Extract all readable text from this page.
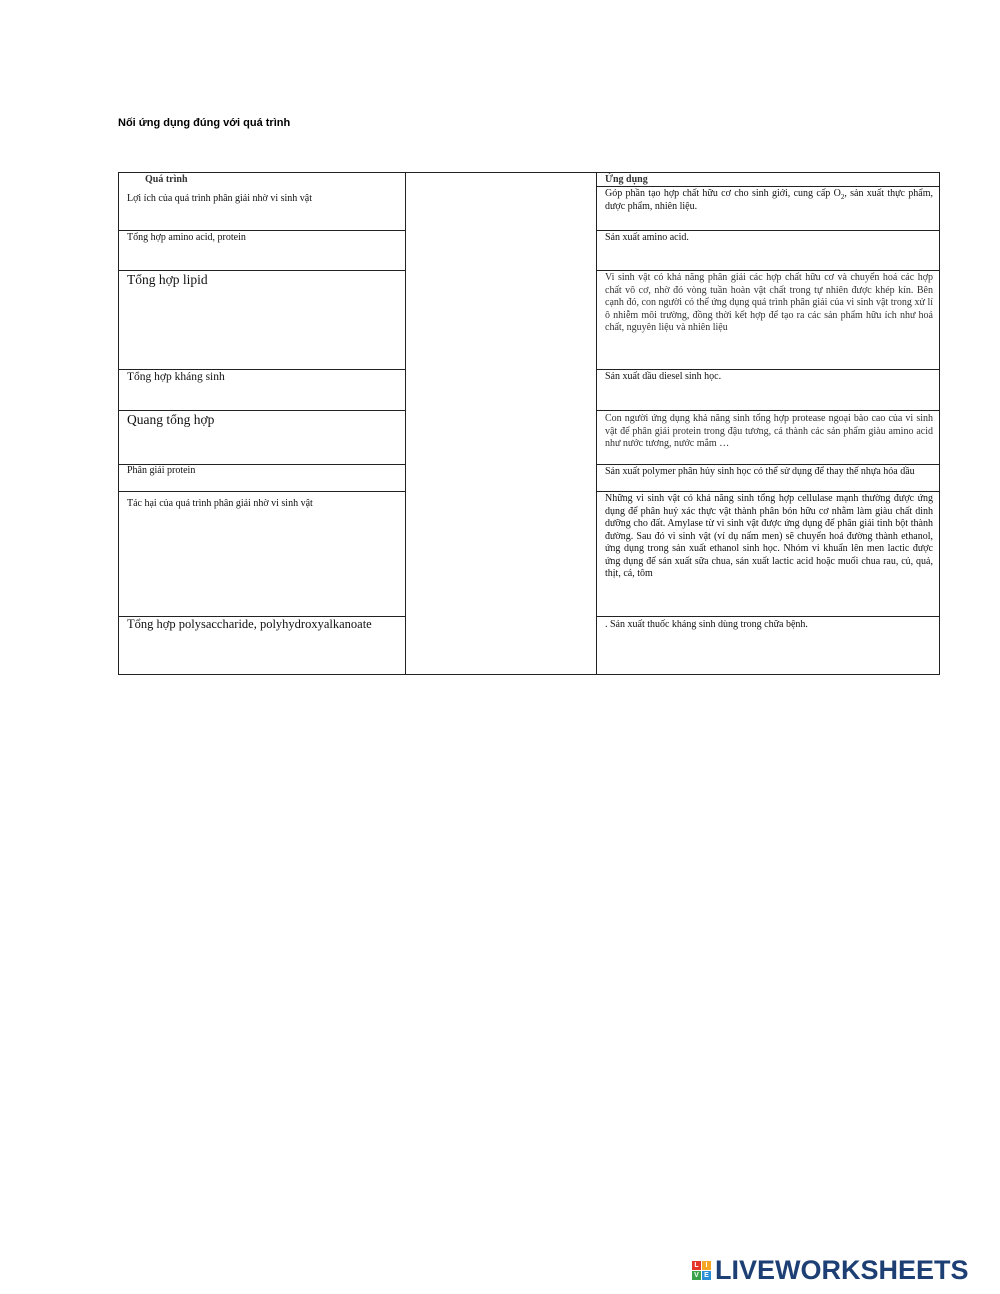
Nối ứng dụng đúng với quá trình
Quá trình	Ứng dụng
Lợi ích của quá trình phân giải nhờ vi sinh vật
Tổng hợp amino acid, protein
Tổng hợp lipid
Tổng hợp kháng sinh
Quang tổng hợp
Phân giải protein
Tác hại của quá trình phân giải nhờ vi sinh vật
Tổng hợp polysaccharide, polyhydroxyalkanoate
Góp phần tạo hợp chất hữu cơ cho sinh giới, cung cấp $O_2$, sản xuất thực phẩm, dược phẩm, nhiên liệu.
Sản xuất amino acid.
Vi sinh vật có khả năng phân giải các hợp chất hữu cơ và chuyển hoá các hợp chất vô cơ, nhờ đó vòng tuần hoàn vật chất trong tự nhiên được khép kín. Bên cạnh đó, con người có thể ứng dụng quá trình phân giải của vi sinh vật trong xử lí ô nhiễm môi trường, đồng thời kết hợp để tạo ra các sản phẩm hữu ích như hoá chất, nguyên liệu và nhiên liệu
Sản xuất dầu diesel sinh học.
Con người ứng dụng khả năng sinh tổng hợp protease ngoại bào cao của vi sinh vật để phân giải protein trong đậu tương, cá thành các sản phẩm giàu amino acid như nước tương, nước mắm …
Sản xuất polymer phân hủy sinh học có thể sử dụng để thay thế nhựa hóa dầu
Những vi sinh vật có khả năng sinh tổng hợp cellulase mạnh thường được ứng dụng để phân huỷ xác thực vật thành phân bón hữu cơ nhằm làm giàu chất dinh dưỡng cho đất. Amylase từ vi sinh vật được ứng dụng để phân giải tinh bột thành đường. Sau đó vi sinh vật (ví dụ nấm men) sẽ chuyển hoá đường thành ethanol, ứng dụng trong sản xuất ethanol sinh học. Nhóm vi khuẩn lên men lactic được ứng dụng để sản xuất sữa chua, sản xuất lactic acid hoặc muối chua rau, củ, quả, thịt, cá, tôm
. Sản xuất thuốc kháng sinh dùng trong chữa bệnh.
L I
V E LIVEWORKSHEETS
